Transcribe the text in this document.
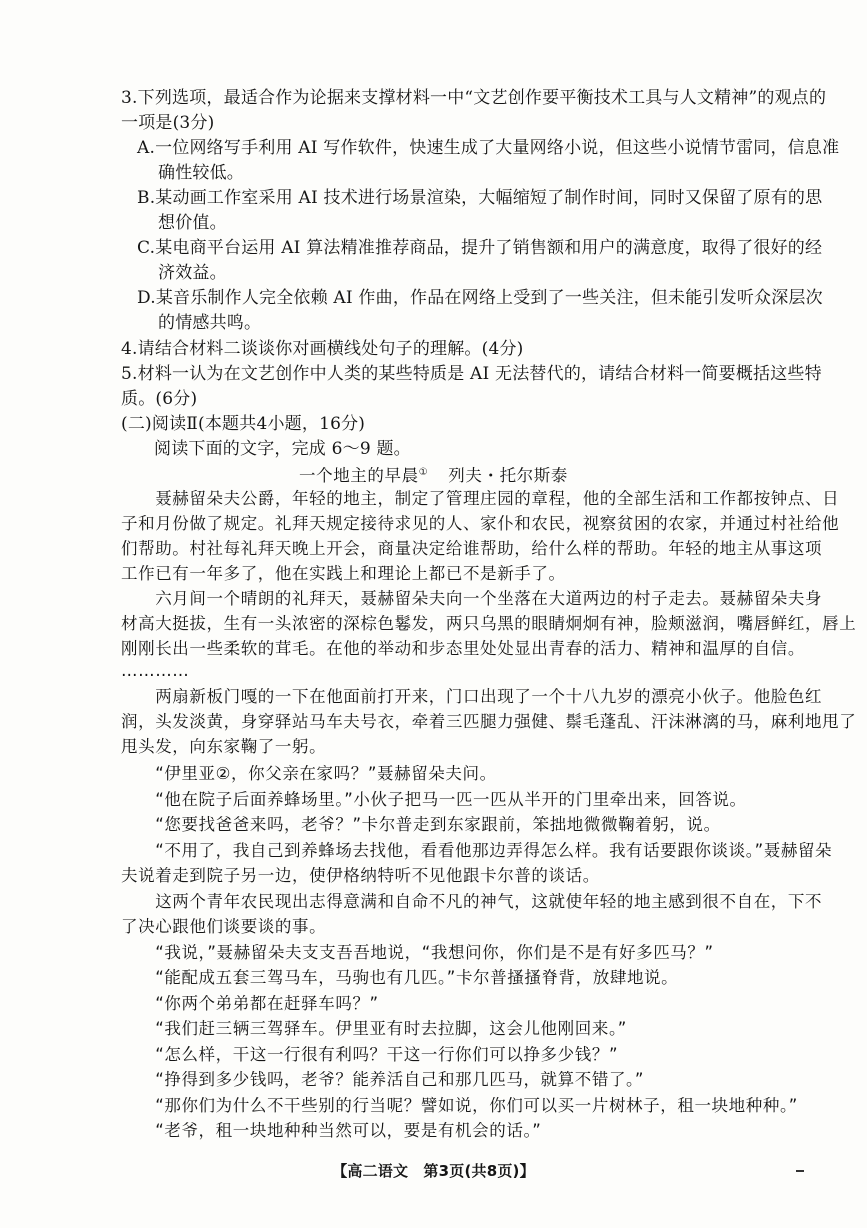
3.下列选项，最适合作为论据来支撑材料一中“文艺创作要平衡技术工具与人文精神”的观点的
一项是(3分)
A.一位网络写手利用 AI 写作软件，快速生成了大量网络小说，但这些小说情节雷同，信息准
确性较低。
B.某动画工作室采用 AI 技术进行场景渲染，大幅缩短了制作时间，同时又保留了原有的思
想价值。
C.某电商平台运用 AI 算法精准推荐商品，提升了销售额和用户的满意度，取得了很好的经
济效益。
D.某音乐制作人完全依赖 AI 作曲，作品在网络上受到了一些关注，但未能引发听众深层次
的情感共鸣。
4.请结合材料二谈谈你对画横线处句子的理解。(4分)
5.材料一认为在文艺创作中人类的某些特质是 AI 无法替代的，请结合材料一简要概括这些特
质。(6分)
(二)阅读Ⅱ(本题共4小题，16分)
阅读下面的文字，完成 6～9 题。
一个地主的早晨① 列夫・托尔斯泰
　　聂赫留朵夫公爵，年轻的地主，制定了管理庄园的章程，他的全部生活和工作都按钟点、日
子和月份做了规定。礼拜天规定接待求见的人、家仆和农民，视察贫困的农家，并通过村社给他
们帮助。村社每礼拜天晚上开会，商量决定给谁帮助，给什么样的帮助。年轻的地主从事这项
工作已有一年多了，他在实践上和理论上都已不是新手了。
　　六月间一个晴朗的礼拜天，聂赫留朵夫向一个坐落在大道两边的村子走去。聂赫留朵夫身
材高大挺拔，生有一头浓密的深棕色鬈发，两只乌黑的眼睛炯炯有神，脸颊滋润，嘴唇鲜红，唇上
刚刚长出一些柔软的茸毛。在他的举动和步态里处处显出青春的活力、精神和温厚的自信。
…………
　　两扇新板门嘎的一下在他面前打开来，门口出现了一个十八九岁的漂亮小伙子。他脸色红
润，头发淡黄，身穿驿站马车夫号衣，牵着三匹腿力强健、鬃毛蓬乱、汗沫淋漓的马，麻利地甩了
甩头发，向东家鞠了一躬。
　　“伊里亚②，你父亲在家吗？”聂赫留朵夫问。
　　“他在院子后面养蜂场里。”小伙子把马一匹一匹从半开的门里牵出来，回答说。
　　“您要找爸爸来吗，老爷？”卡尔普走到东家跟前，笨拙地微微鞠着躬，说。
　　“不用了，我自己到养蜂场去找他，看看他那边弄得怎么样。我有话要跟你谈谈。”聂赫留朵
夫说着走到院子另一边，使伊格纳特听不见他跟卡尔普的谈话。
　　这两个青年农民现出志得意满和自命不凡的神气，这就使年轻的地主感到很不自在，下不
了决心跟他们谈要谈的事。
　　“我说，”聂赫留朵夫支支吾吾地说，“我想问你，你们是不是有好多匹马？”
　　“能配成五套三驾马车，马驹也有几匹。”卡尔普搔搔脊背，放肆地说。
　　“你两个弟弟都在赶驿车吗？”
　　“我们赶三辆三驾驿车。伊里亚有时去拉脚，这会儿他刚回来。”
　　“怎么样，干这一行很有利吗？干这一行你们可以挣多少钱？”
　　“挣得到多少钱吗，老爷？能养活自己和那几匹马，就算不错了。”
　　“那你们为什么不干些别的行当呢？譬如说，你们可以买一片树林子，租一块地种种。”
　　“老爷，租一块地种种当然可以，要是有机会的话。”
【高二语文　第3页(共8页)】
